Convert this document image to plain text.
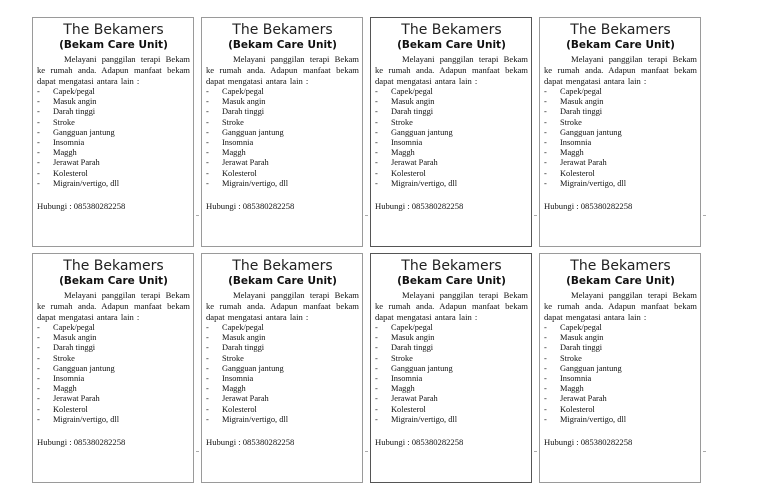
The Bekamers
(Bekam Care Unit)
Melayani panggilan terapi Bekam ke rumah anda. Adapun manfaat bekam dapat mengatasi antara lain :
- Capek/pegal
- Masuk angin
- Darah tinggi
- Stroke
- Gangguan jantung
- Insomnia
- Maggh
- Jerawat Parah
- Kolesterol
- Migrain/vertigo, dll
Hubungi : 085380282258
The Bekamers
(Bekam Care Unit)
Melayani panggilan terapi Bekam ke rumah anda. Adapun manfaat bekam dapat mengatasi antara lain :
- Capek/pegal
- Masuk angin
- Darah tinggi
- Stroke
- Gangguan jantung
- Insomnia
- Maggh
- Jerawat Parah
- Kolesterol
- Migrain/vertigo, dll
Hubungi : 085380282258
The Bekamers
(Bekam Care Unit)
Melayani panggilan terapi Bekam ke rumah anda. Adapun manfaat bekam dapat mengatasi antara lain :
- Capek/pegal
- Masuk angin
- Darah tinggi
- Stroke
- Gangguan jantung
- Insomnia
- Maggh
- Jerawat Parah
- Kolesterol
- Migrain/vertigo, dll
Hubungi : 085380282258
The Bekamers
(Bekam Care Unit)
Melayani panggilan terapi Bekam ke rumah anda. Adapun manfaat bekam dapat mengatasi antara lain :
- Capek/pegal
- Masuk angin
- Darah tinggi
- Stroke
- Gangguan jantung
- Insomnia
- Maggh
- Jerawat Parah
- Kolesterol
- Migrain/vertigo, dll
Hubungi : 085380282258
The Bekamers
(Bekam Care Unit)
Melayani panggilan terapi Bekam ke rumah anda. Adapun manfaat bekam dapat mengatasi antara lain :
- Capek/pegal
- Masuk angin
- Darah tinggi
- Stroke
- Gangguan jantung
- Insomnia
- Maggh
- Jerawat Parah
- Kolesterol
- Migrain/vertigo, dll
Hubungi : 085380282258
The Bekamers
(Bekam Care Unit)
Melayani panggilan terapi Bekam ke rumah anda. Adapun manfaat bekam dapat mengatasi antara lain :
- Capek/pegal
- Masuk angin
- Darah tinggi
- Stroke
- Gangguan jantung
- Insomnia
- Maggh
- Jerawat Parah
- Kolesterol
- Migrain/vertigo, dll
Hubungi : 085380282258
The Bekamers
(Bekam Care Unit)
Melayani panggilan terapi Bekam ke rumah anda. Adapun manfaat bekam dapat mengatasi antara lain :
- Capek/pegal
- Masuk angin
- Darah tinggi
- Stroke
- Gangguan jantung
- Insomnia
- Maggh
- Jerawat Parah
- Kolesterol
- Migrain/vertigo, dll
Hubungi : 085380282258
The Bekamers
(Bekam Care Unit)
Melayani panggilan terapi Bekam ke rumah anda. Adapun manfaat bekam dapat mengatasi antara lain :
- Capek/pegal
- Masuk angin
- Darah tinggi
- Stroke
- Gangguan jantung
- Insomnia
- Maggh
- Jerawat Parah
- Kolesterol
- Migrain/vertigo, dll
Hubungi : 085380282258
